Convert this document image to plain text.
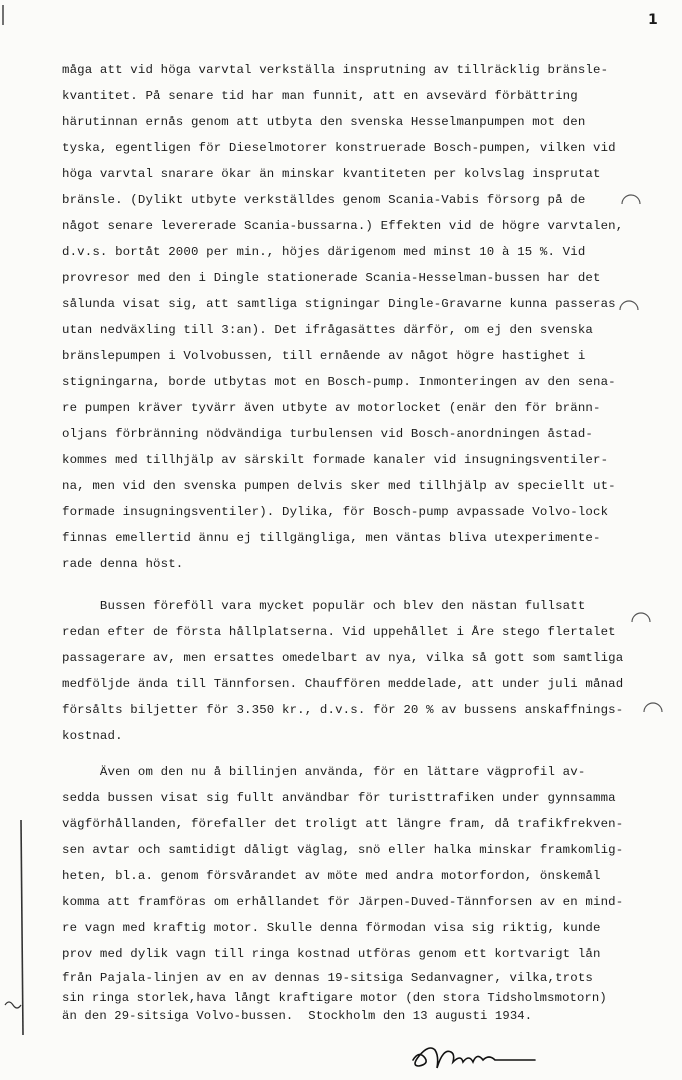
1
måga att vid höga varvtal verkställa insprutning av tillräcklig bränsle-
kvantitet. På senare tid har man funnit, att en avsevärd förbättring
härutinnan ernås genom att utbyta den svenska Hesselmanpumpen mot den
tyska, egentligen för Dieselmotorer konstruerade Bosch-pumpen, vilken vid
höga varvtal snarare ökar än minskar kvantiteten per kolvslag insprutat
bränsle. (Dylikt utbyte verkställdes genom Scania-Vabis försorg på de
något senare levererade Scania-bussarna.) Effekten vid de högre varvtalen,
d.v.s. bortåt 2000 per min., höjes därigenom med minst 10 à 15 %. Vid
provresor med den i Dingle stationerade Scania-Hesselman-bussen har det
sålunda visat sig, att samtliga stigningar Dingle-Gravarne kunna passeras
utan nedväxling till 3:an). Det ifrågasättes därför, om ej den svenska
bränslepumpen i Volvobussen, till ernående av något högre hastighet i
stigningarna, borde utbytas mot en Bosch-pump. Inmonteringen av den sena-
re pumpen kräver tyvärr även utbyte av motorlocket (enär den för bränn-
oljans förbränning nödvändiga turbulensen vid Bosch-anordningen åstad-
kommes med tillhjälp av särskilt formade kanaler vid insugningsventiler-
na, men vid den svenska pumpen delvis sker med tillhjälp av speciellt ut-
formade insugningsventiler). Dylika, för Bosch-pump avpassade Volvo-lock
finnas emellertid ännu ej tillgängliga, men väntas bliva utexperimente-
rade denna höst.
Bussen föreföll vara mycket populär och blev den nästan fullsatt
redan efter de första hållplatserna. Vid uppehållet i Åre stego flertalet
passagerare av, men ersattes omedelbart av nya, vilka så gott som samtliga
medföljde ända till Tännforsen. Chauffören meddelade, att under juli månad
försålts biljetter för 3.350 kr., d.v.s. för 20 % av bussens anskaffnings-
kostnad.
Även om den nu å billinjen använda, för en lättare vägprofil av-
sedda bussen visat sig fullt användbar för turisttrafiken under gynnsamma
vägförhållanden, förefaller det troligt att längre fram, då trafikfrekven-
sen avtar och samtidigt dåligt väglag, snö eller halka minskar framkomlig-
heten, bl.a. genom försvårandet av möte med andra motorfordon, önskemål
komma att framföras om erhållandet för Järpen-Duved-Tännforsen av en mind-
re vagn med kraftig motor. Skulle denna förmodan visa sig riktig, kunde
prov med dylik vagn till ringa kostnad utföras genom ett kortvarigt lån
från Pajala-linjen av en av dennas 19-sitsiga Sedanvagner, vilka,trots
sin ringa storlek,hava långt kraftigare motor (den stora Tidsholmsmotorn)
än den 29-sitsiga Volvo-bussen.  Stockholm den 13 augusti 1934.
